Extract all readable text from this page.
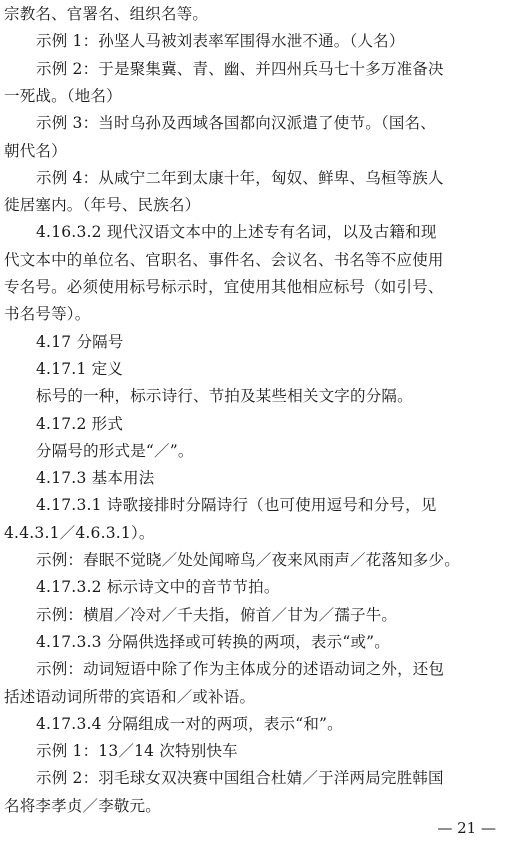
宗教名、官署名、组织名等。
示例 1：孙坚人马被刘表率军围得水泄不通。（人名）
示例 2：于是聚集冀、青、幽、并四州兵马七十多万准备决
一死战。（地名）
示例 3：当时乌孙及西域各国都向汉派遣了使节。（国名、
朝代名）
示例 4：从咸宁二年到太康十年，匈奴、鲜卑、乌桓等族人
徙居塞内。（年号、民族名）
4.16.3.2 现代汉语文本中的上述专有名词，以及古籍和现
代文本中的单位名、官职名、事件名、会议名、书名等不应使用
专名号。必须使用标号标示时，宜使用其他相应标号（如引号、
书名号等）。
4.17 分隔号
4.17.1 定义
标号的一种，标示诗行、节拍及某些相关文字的分隔。
4.17.2 形式
分隔号的形式是“／”。
4.17.3 基本用法
4.17.3.1 诗歌接排时分隔诗行（也可使用逗号和分号，见
4.4.3.1／4.6.3.1）。
示例：春眠不觉晓／处处闻啼鸟／夜来风雨声／花落知多少。
4.17.3.2 标示诗文中的音节节拍。
示例：横眉／冷对／千夫指，俯首／甘为／孺子牛。
4.17.3.3 分隔供选择或可转换的两项，表示“或”。
示例：动词短语中除了作为主体成分的述语动词之外，还包
括述语动词所带的宾语和／或补语。
4.17.3.4 分隔组成一对的两项，表示“和”。
示例 1：13／14 次特别快车
示例 2：羽毛球女双决赛中国组合杜婧／于洋两局完胜韩国
名将李孝贞／李敬元。
— 21 —
